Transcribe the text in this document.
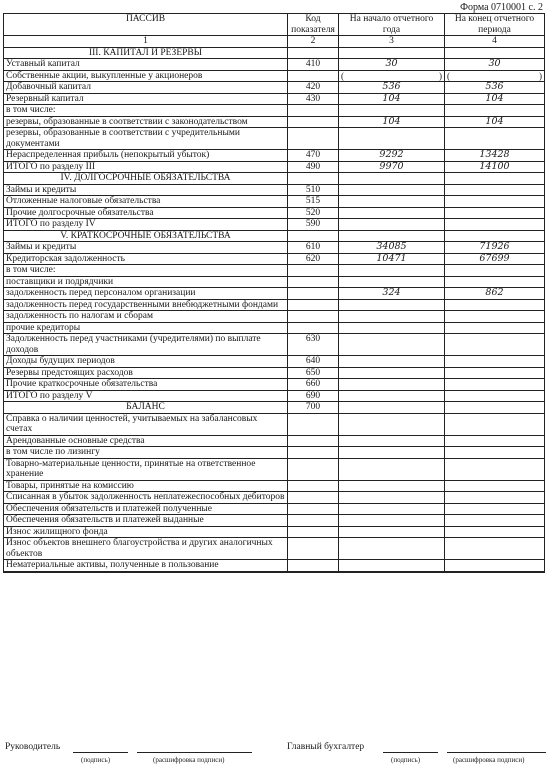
Форма 0710001 с. 2
ПАССИВ	Код показателя	На начало отчетного года	На конец отчетного периода
1	2	3	4
III. КАПИТАЛ И РЕЗЕРВЫ			
Уставный капитал	410	30	30
Собственные акции, выкупленные у акционеров		( )	( )

Добавочный капитал	420	536	536
Резервный капитал	430	104	104
в том числе:			
резервы, образованные в соответствии с законодательством		104	104
резервы, образованные в соответствии с учредительными документами			
Нераспределенная прибыль (непокрытый убыток)	470	9292	13428
ИТОГО по разделу III	490	9970	14100
IV. ДОЛГОСРОЧНЫЕ ОБЯЗАТЕЛЬСТВА			
Займы и кредиты	510		
Отложенные налоговые обязательства	515		
Прочие долгосрочные обязательства	520		
ИТОГО по разделу IV	590		
V. КРАТКОСРОЧНЫЕ ОБЯЗАТЕЛЬСТВА			
Займы и кредиты	610	34085	71926
Кредиторская задолженность	620	10471	67699
в том числе:			
поставщики и подрядчики			
задолженность перед персоналом организации		324	862
задолженность перед государственными внебюджетными фондами			
задолженность по налогам и сборам			
прочие кредиторы			
Задолженность перед участниками (учредителями) по выплате доходов	630		
Доходы будущих периодов	640		
Резервы предстоящих расходов	650		
Прочие краткосрочные обязательства	660		
ИТОГО по разделу V	690		
БАЛАНС	700		
Справка о наличии ценностей, учитываемых на забалансовых счетах			
Арендованные основные средства			
в том числе по лизингу			
Товарно-материальные ценности, принятые на ответственное хранение			
Товары, принятые на комиссию			
Списанная в убыток задолженность неплатежеспособных дебиторов			
Обеспечения обязательств и платежей полученные			
Обеспечения обязательств и платежей выданные			
Износ жилищного фонда			
Износ объектов внешнего благоустройства и других аналогичных объектов			
Нематериальные активы, полученные в пользование			

Руководитель
(подпись)	(расшифровка подписи)
Главный бухгалтер
(подпись)	(расшифровка подписи)
